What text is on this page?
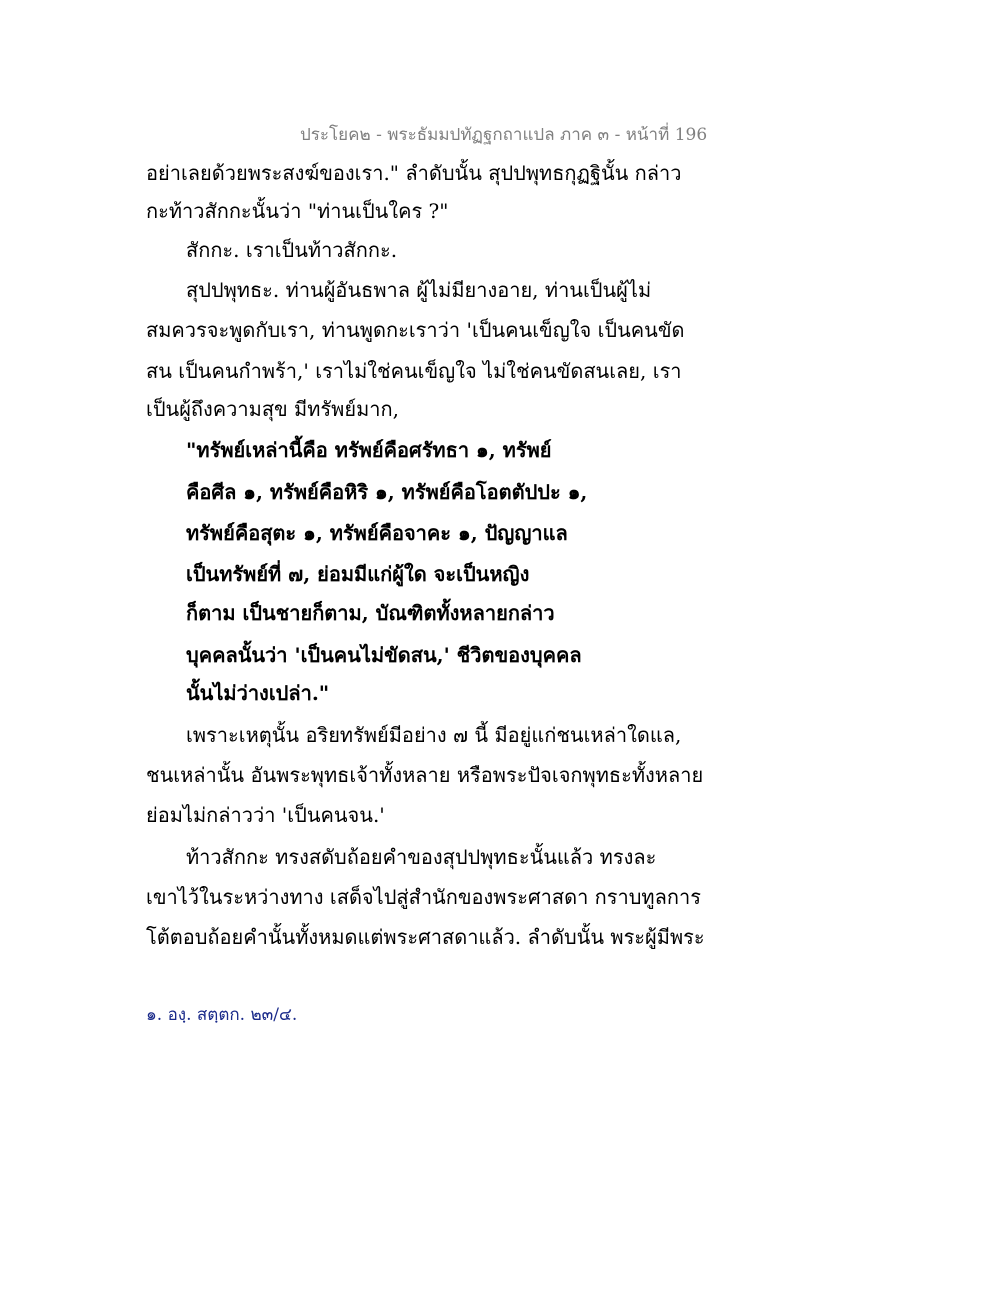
ประโยค๒ - พระธัมมปทัฏฐกถาแปล ภาค ๓ - หน้าที่ 196
อย่าเลยด้วยพระสงฆ์ของเรา." ลำดับนั้น สุปปพุทธกุฏฐินั้น กล่าว
กะท้าวสักกะนั้นว่า "ท่านเป็นใคร ?"
สักกะ. เราเป็นท้าวสักกะ.
สุปปพุทธะ. ท่านผู้อันธพาล ผู้ไม่มียางอาย, ท่านเป็นผู้ไม่
สมควรจะพูดกับเรา, ท่านพูดกะเราว่า 'เป็นคนเข็ญใจ เป็นคนขัด
สน เป็นคนกำพร้า,' เราไม่ใช่คนเข็ญใจ ไม่ใช่คนขัดสนเลย, เรา
เป็นผู้ถึงความสุข มีทรัพย์มาก,
"ทรัพย์เหล่านี้คือ ทรัพย์คือศรัทธา ๑, ทรัพย์
คือศีล ๑, ทรัพย์คือหิริ ๑, ทรัพย์คือโอตตัปปะ ๑,
ทรัพย์คือสุตะ ๑, ทรัพย์คือจาคะ ๑, ปัญญาแล
เป็นทรัพย์ที่ ๗, ย่อมมีแก่ผู้ใด จะเป็นหญิง
ก็ตาม เป็นชายก็ตาม, บัณฑิตทั้งหลายกล่าว
บุคคลนั้นว่า 'เป็นคนไม่ขัดสน,' ชีวิตของบุคคล
นั้นไม่ว่างเปล่า."
เพราะเหตุนั้น อริยทรัพย์มีอย่าง ๗ นี้ มีอยู่แก่ชนเหล่าใดแล,
ชนเหล่านั้น อันพระพุทธเจ้าทั้งหลาย หรือพระปัจเจกพุทธะทั้งหลาย
ย่อมไม่กล่าวว่า 'เป็นคนจน.'
ท้าวสักกะ ทรงสดับถ้อยคำของสุปปพุทธะนั้นแล้ว ทรงละ
เขาไว้ในระหว่างทาง เสด็จไปสู่สำนักของพระศาสดา กราบทูลการ
โต้ตอบถ้อยคำนั้นทั้งหมดแต่พระศาสดาแล้ว. ลำดับนั้น พระผู้มีพระ
๑. องฺ. สตฺตก. ๒๓/๔.
